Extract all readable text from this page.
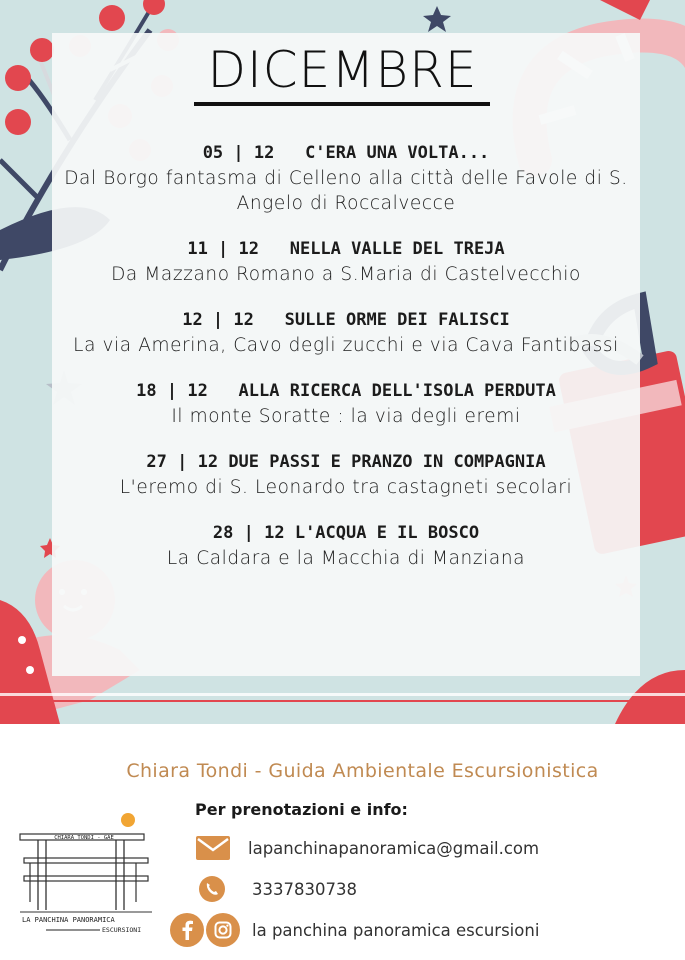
DICEMBRE
05 | 12 C'ERA UNA VOLTA...
Dal Borgo fantasma di Celleno alla città delle Favole di S. Angelo di Roccalvecce
11 | 12 NELLA VALLE DEL TREJA
Da Mazzano Romano a S.Maria di Castelvecchio
12 | 12 SULLE ORME DEI FALISCI
La via Amerina, Cavo degli zucchi e via Cava Fantibassi
18 | 12 ALLA RICERCA DELL'ISOLA PERDUTA
Il monte Soratte : la via degli eremi
27 | 12 DUE PASSI E PRANZO IN COMPAGNIA
L'eremo di S. Leonardo tra castagneti secolari
28 | 12 L'ACQUA E IL BOSCO
La Caldara e la Macchia di Manziana
Chiara Tondi - Guida Ambientale Escursionistica
Per prenotazioni e info:
CHIARA TONDI - GAE
LA PANCHINA PANORAMICA
ESCURSIONI
lapanchinapanoramica@gmail.com
3337830738
la panchina panoramica escursioni
